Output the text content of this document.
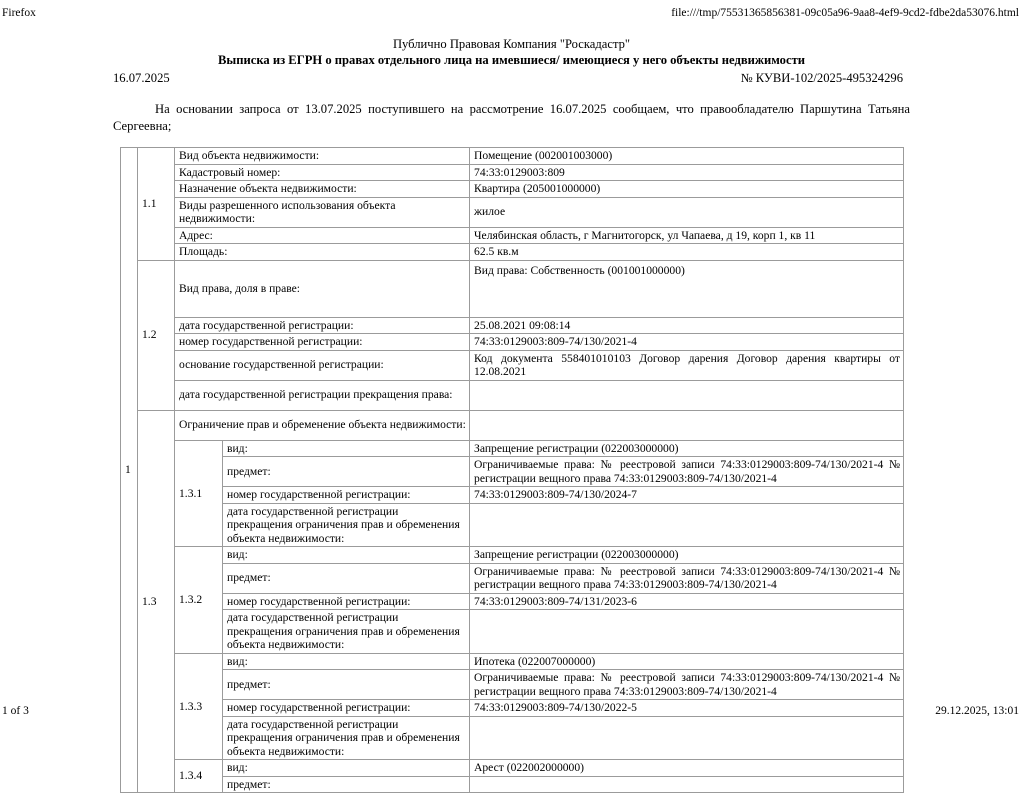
Firefox	file:///tmp/75531365856381-09c05a96-9aa8-4ef9-9cd2-fdbe2da53076.html
Публично Правовая Компания "Роскадастр"
Выписка из ЕГРН о правах отдельного лица на имевшиеся/ имеющиеся у него объекты недвижимости
16.07.2025	№ КУВИ-102/2025-495324296

На основании запроса от 13.07.2025 поступившего на рассмотрение 16.07.2025 сообщаем, что правообладателю Паршутина Татьяна Сергеевна;

1	1.1	Вид объекта недвижимости:		Помещение (002001003000)
		Кадастровый номер:		74:33:0129003:809
		Назначение объекта недвижимости:		Квартира (205001000000)
		Виды разрешенного использования объекта недвижимости:		жилое
		Адрес:		Челябинская область, г Магнитогорск, ул Чапаева, д 19, корп 1, кв 11
		Площадь:		62.5 кв.м
	1.2	Вид права, доля в праве:		Вид права: Собственность (001001000000)
		дата государственной регистрации:		25.08.2021 09:08:14
		номер государственной регистрации:		74:33:0129003:809-74/130/2021-4
		основание государственной регистрации:		Код документа 558401010103 Договор дарения Договор дарения квартиры от 12.08.2021
		дата государственной регистрации прекращения права:		
	1.3	Ограничение прав и обременение объекта недвижимости:		
		1.3.1	вид:	Запрещение регистрации (022003000000)
			предмет:	Ограничиваемые права: № реестровой записи 74:33:0129003:809-74/130/2021-4 № регистрации вещного права 74:33:0129003:809-74/130/2021-4
			номер государственной регистрации:	74:33:0129003:809-74/130/2024-7
			дата государственной регистрации прекращения ограничения прав и обременения объекта недвижимости:	
		1.3.2	вид:	Запрещение регистрации (022003000000)
			предмет:	Ограничиваемые права: № реестровой записи 74:33:0129003:809-74/130/2021-4 № регистрации вещного права 74:33:0129003:809-74/130/2021-4
			номер государственной регистрации:	74:33:0129003:809-74/131/2023-6
			дата государственной регистрации прекращения ограничения прав и обременения объекта недвижимости:	
		1.3.3	вид:	Ипотека (022007000000)
			предмет:	Ограничиваемые права: № реестровой записи 74:33:0129003:809-74/130/2021-4 № регистрации вещного права 74:33:0129003:809-74/130/2021-4
			номер государственной регистрации:	74:33:0129003:809-74/130/2022-5
			дата государственной регистрации прекращения ограничения прав и обременения объекта недвижимости:	
		1.3.4	вид:	Арест (022002000000)
			предмет:	
1 of 3	29.12.2025, 13:01
